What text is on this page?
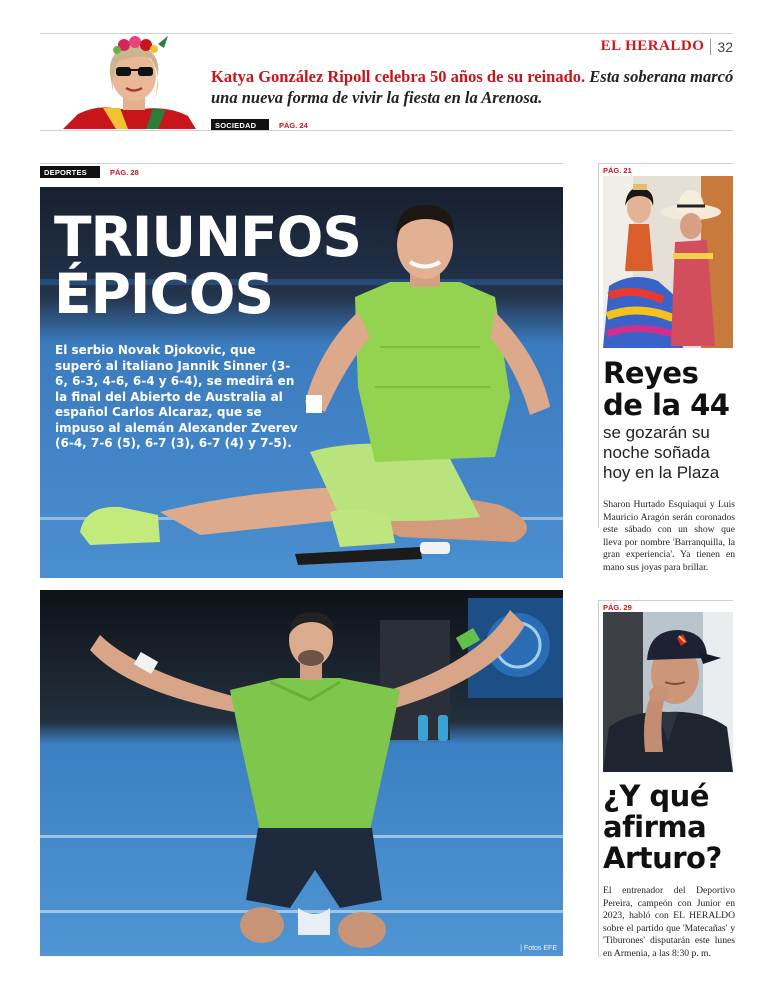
EL HERALDO 32
Katya González Ripoll celebra 50 años de su reinado. Esta soberana marcó una nueva forma de vivir la fiesta en la Arenosa.
SOCIEDAD	PÁG. 24
DEPORTES	PÁG. 28
TRIUNFOS
ÉPICOS
El serbio Novak Djokovic, que superó al italiano Jannik Sinner (3-6, 6-3, 4-6, 6-4 y 6-4), se medirá en la final del Abierto de Australia al español Carlos Alcaraz, que se impuso al alemán Alexander Zverev (6-4, 7-6 (5), 6-7 (3), 6-7 (4) y 7-5).
| Fotos EFE
PÁG. 21
Reyes
de la 44
se gozarán su noche soñada hoy en la Plaza
Sharon Hurtado Esquiaqui y Luis Mauricio Aragón serán coronados este sábado con un show que lleva por nombre 'Barranquilla, la gran experiencia'. Ya tienen en mano sus joyas para brillar.
PÁG. 29
¿Y qué
afirma
Arturo?
El entrenador del Deportivo Pereira, campeón con Junior en 2023, habló con EL HERALDO sobre el partido que 'Matecañas' y 'Tiburones' disputarán este lunes en Armenia, a las 8:30 p. m.
